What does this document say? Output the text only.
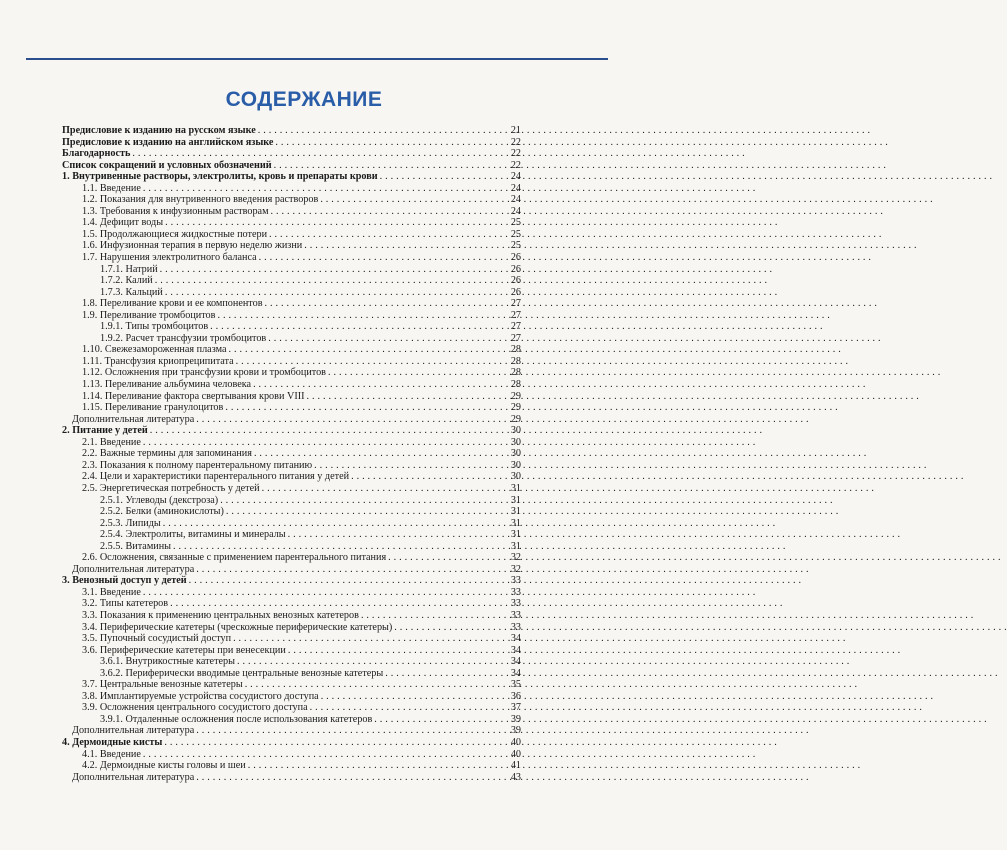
СОДЕРЖАНИЕ
Предисловие к изданию на русском языке . . .	21
Предисловие к изданию на английском языке . . .	22
Благодарность . . .	22
Список сокращений и условных обозначений . . .	22
1. Внутривенные растворы, электролиты, кровь и препараты крови . . .	24
1.1. Введение . . .	24
1.2. Показания для внутривенного введения растворов . . .	24
1.3. Требования к инфузионным растворам . . .	24
1.4. Дефицит воды . . .	25
1.5. Продолжающиеся жидкостные потери . . .	25
1.6. Инфузионная терапия в первую неделю жизни . . .	25
1.7. Нарушения электролитного баланса . . .	26
1.7.1. Натрий . . .	26
1.7.2. Калий . . .	26
1.7.3. Кальций . . .	26
1.8. Переливание крови и ее компонентов . . .	27
1.9. Переливание тромбоцитов . . .	27
1.9.1. Типы тромбоцитов . . .	27
1.9.2. Расчет трансфузии тромбоцитов . . .	27
1.10. Свежезамороженная плазма . . .	28
1.11. Трансфузия криопреципитата . . .	28
1.12. Осложнения при трансфузии крови и тромбоцитов . . .	28
1.13. Переливание альбумина человека . . .	28
1.14. Переливание фактора свертывания крови VIII . . .	29
1.15. Переливание гранулоцитов . . .	29
Дополнительная литература . . .	29
2. Питание у детей . . .	30
2.1. Введение . . .	30
2.2. Важные термины для запоминания . . .	30
2.3. Показания к полному парентеральному питанию . . .	30
2.4. Цели и характеристики парентерального питания у детей . . .	30
2.5. Энергетическая потребность у детей . . .	31
2.5.1. Углеводы (декстроза) . . .	31
2.5.2. Белки (аминокислоты) . . .	31
2.5.3. Липиды . . .	31
2.5.4. Электролиты, витамины и минералы . . .	31
2.5.5. Витамины . . .	31
2.6. Осложнения, связанные с применением парентерального питания . . .	32
Дополнительная литература . . .	32
3. Венозный доступ у детей . . .	33
3.1. Введение . . .	33
3.2. Типы катетеров . . .	33
3.3. Показания к применению центральных венозных катетеров . . .	33
3.4. Периферические катетеры (чрескожные периферические катетеры) . . .	33
3.5. Пупочный сосудистый доступ . . .	34
3.6. Периферические катетеры при венесекции . . .	34
3.6.1. Внутрикостные катетеры . . .	34
3.6.2. Периферически вводимые центральные венозные катетеры . . .	34
3.7. Центральные венозные катетеры . . .	35
3.8. Имплантируемые устройства сосудистого доступа . . .	36
3.9. Осложнения центрального сосудистого доступа . . .	37
3.9.1. Отдаленные осложнения после использования катетеров . . .	39
Дополнительная литература . . .	39
4. Дермоидные кисты . . .	40
4.1. Введение . . .	40
4.2. Дермоидные кисты головы и шеи . . .	41
Дополнительная литература . . .	43
